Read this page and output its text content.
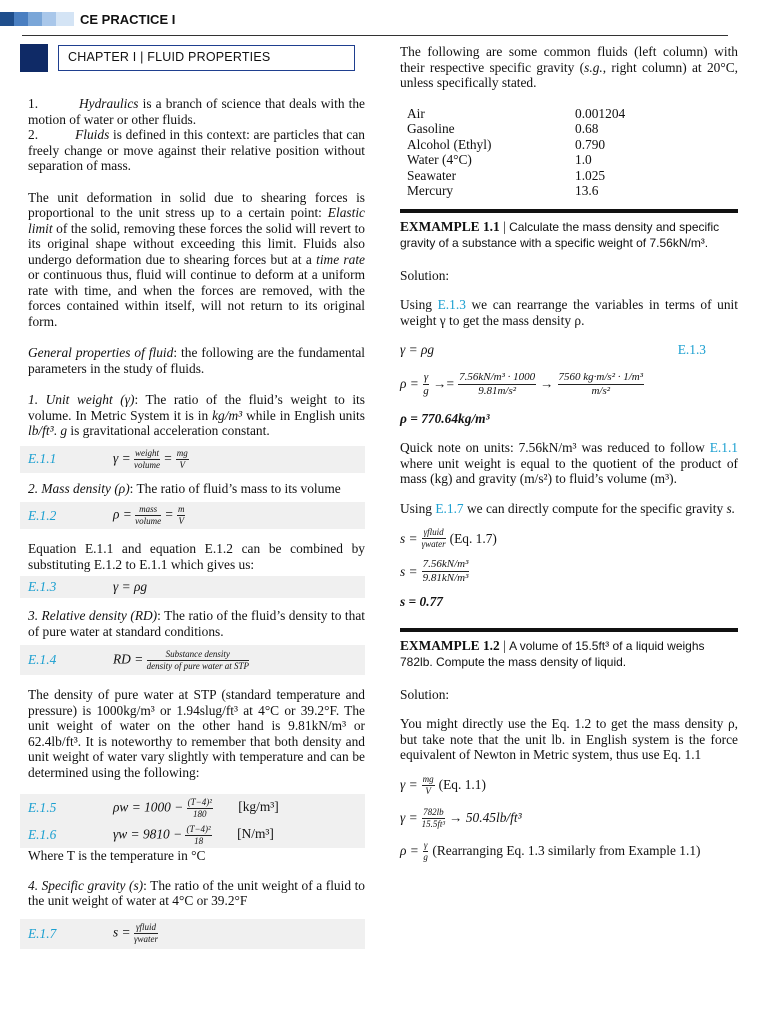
CE PRACTICE I
CHAPTER I | FLUID PROPERTIES

1.	Hydraulics is a branch of science that deals with the motion of water or other fluids.

2.	Fluids is defined in this context: are particles that can freely change or move against their relative position without separation of mass.

The unit deformation in solid due to shearing forces is proportional to the unit stress up to a certain point: Elastic limit of the solid, removing these forces the solid will revert to its original shape without exceeding this limit. Fluids also undergo deformation due to shearing forces but at a time rate or continuous thus, fluid will continue to deform at a uniform rate with time, and when the forces are removed, with the forces contained within itself, will not return to its original form.

General properties of fluid: the following are the fundamental parameters in the study of fluids.

1. Unit weight (γ): The ratio of the fluid’s weight to its volume. In Metric System it is in kg/m³ while in English units lb/ft³. g is gravitational acceleration constant.

E.1.1	$\gamma = \frac{\text{weight}}{\text{volume}} = \frac{mg}{V}$

2. Mass density (ρ): The ratio of fluid’s mass to its volume

E.1.2	$\rho = \frac{\text{mass}}{\text{volume}} = \frac{m}{V}$

Equation E.1.1 and equation E.1.2 can be combined by substituting E.1.2 to E.1.1 which gives us:

E.1.3	γ = ρg

3. Relative density (RD): The ratio of the fluid’s density to that of pure water at standard conditions.

E.1.4	RD = $\frac{\text{Substance density}}{\text{density of pure water at STP}}$

The density of pure water at STP (standard temperature and pressure) is 1000kg/m³ or 1.94slug/ft³ at 4°C or 39.2°F. The unit weight of water on the other hand is 9.81kN/m³ or 62.4lb/ft³. It is noteworthy to remember that both density and unit weight of water vary slightly with temperature and can be determined using the following:

E.1.5	$\rho w = 1000 - \frac{\text{(T−4)²}}{180} [kg/m^3]$
E.1.6	$\gamma w = 9810 - \frac{\text{(T−4)²}}{18} [N/m^3]$

Where T is the temperature in °C

4. Specific gravity (s): The ratio of the unit weight of a fluid to the unit weight of water at 4°C or 39.2°F

E.1.7	$s = \frac{\text{γfluid}}{\text{γwater}}$

The following are some common fluids (left column) with their respective specific gravity (s.g., right column) at 20°C, unless specifically stated.

Air	0.001204
Gasoline	0.68
Alcohol (Ethyl)	0.790
Water (4°C)	1.0
Seawater	1.025
Mercury	13.6

EXMAMPLE 1.1 | Calculate the mass density and specific gravity of a substance with a specific weight of 7.56kN/m³.

Solution:

Using E.1.3 we can rearrange the variables in terms of unit weight γ to get the mass density ρ.

γ = ρg	E.1.3
$\rho = \frac{\gamma}{g} \to= \frac{\text{7.56kN/m³ · 1000}}{\text{9.81m/s²}} \to \frac{\text{7560 kg·m/s² · 1/m³}}{\text{m/s²}}$

ρ = 770.64kg/m³

Quick note on units: 7.56kN/m³ was reduced to follow E.1.1 where unit weight is equal to the quotient of the product of mass (kg) and gravity (m/s²) to fluid’s volume (m³).

Using E.1.7 we can directly compute for the specific gravity s.

$s = \frac{\text{γfluid}}{\text{γwater}} (Eq$. 1.7)
$s = \frac{\text{7.56kN/m³}}{\text{9.81kN/m³}}$

s = 0.77

EXMAMPLE 1.2 | A volume of 15.5ft³ of a liquid weighs 782lb. Compute the mass density of liquid.

Solution:

You might directly use the Eq. 1.2 to get the mass density ρ, but take note that the unit lb. in English system is the force equivalent of Newton in Metric system, thus use Eq. 1.1

$\gamma = \frac{mg}{V} (Eq$. 1.1)
$\gamma = \frac{782lb}{\text{15.5ft³}} \to 50.45lb/ft^3$
$\rho = \frac{\gamma}{g}$ (Rearranging Eq. 1.3 similarly from Example 1.1)
